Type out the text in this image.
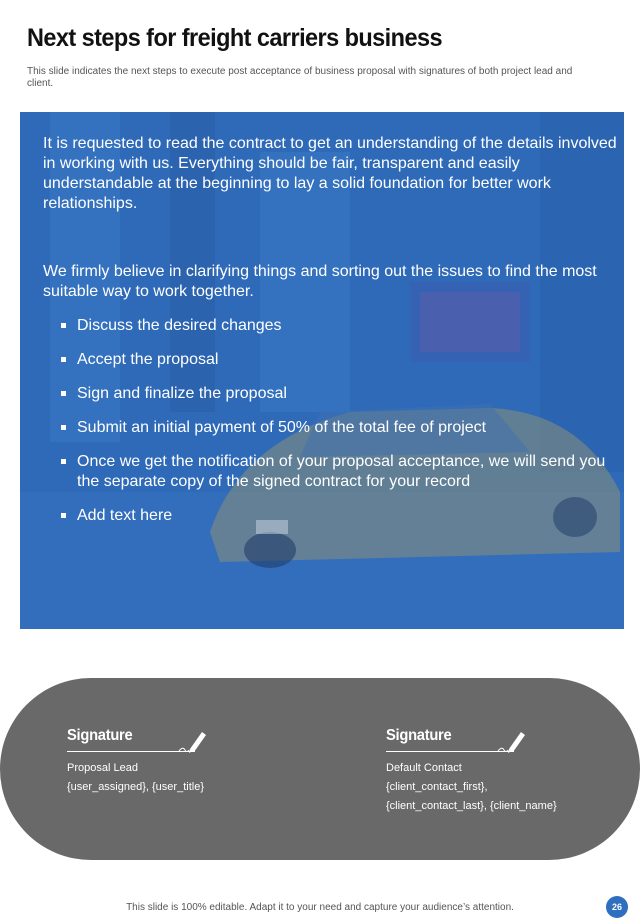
Next steps for freight carriers business

This slide indicates the next steps to execute post acceptance of business proposal with signatures of both project lead and client.

It is requested to read the contract to get an understanding of the details involved in working with us. Everything should be fair, transparent and easily understandable at the beginning to lay a solid foundation for better work relationships.

We firmly believe in clarifying things and sorting out the issues to find the most suitable way to work together.

Discuss the desired changes
Accept the proposal
Sign and finalize the proposal
Submit an initial payment of 50% of the total fee of project
Once we get the notification of your proposal acceptance, we will send you the separate copy of the signed contract for your record
Add text here
Signature
Proposal Lead
{user_assigned}, {user_title}
Signature
Default Contact
{client_contact_first},
{client_contact_last}, {client_name}
This slide is 100% editable. Adapt it to your need and capture your audience’s attention.	26
